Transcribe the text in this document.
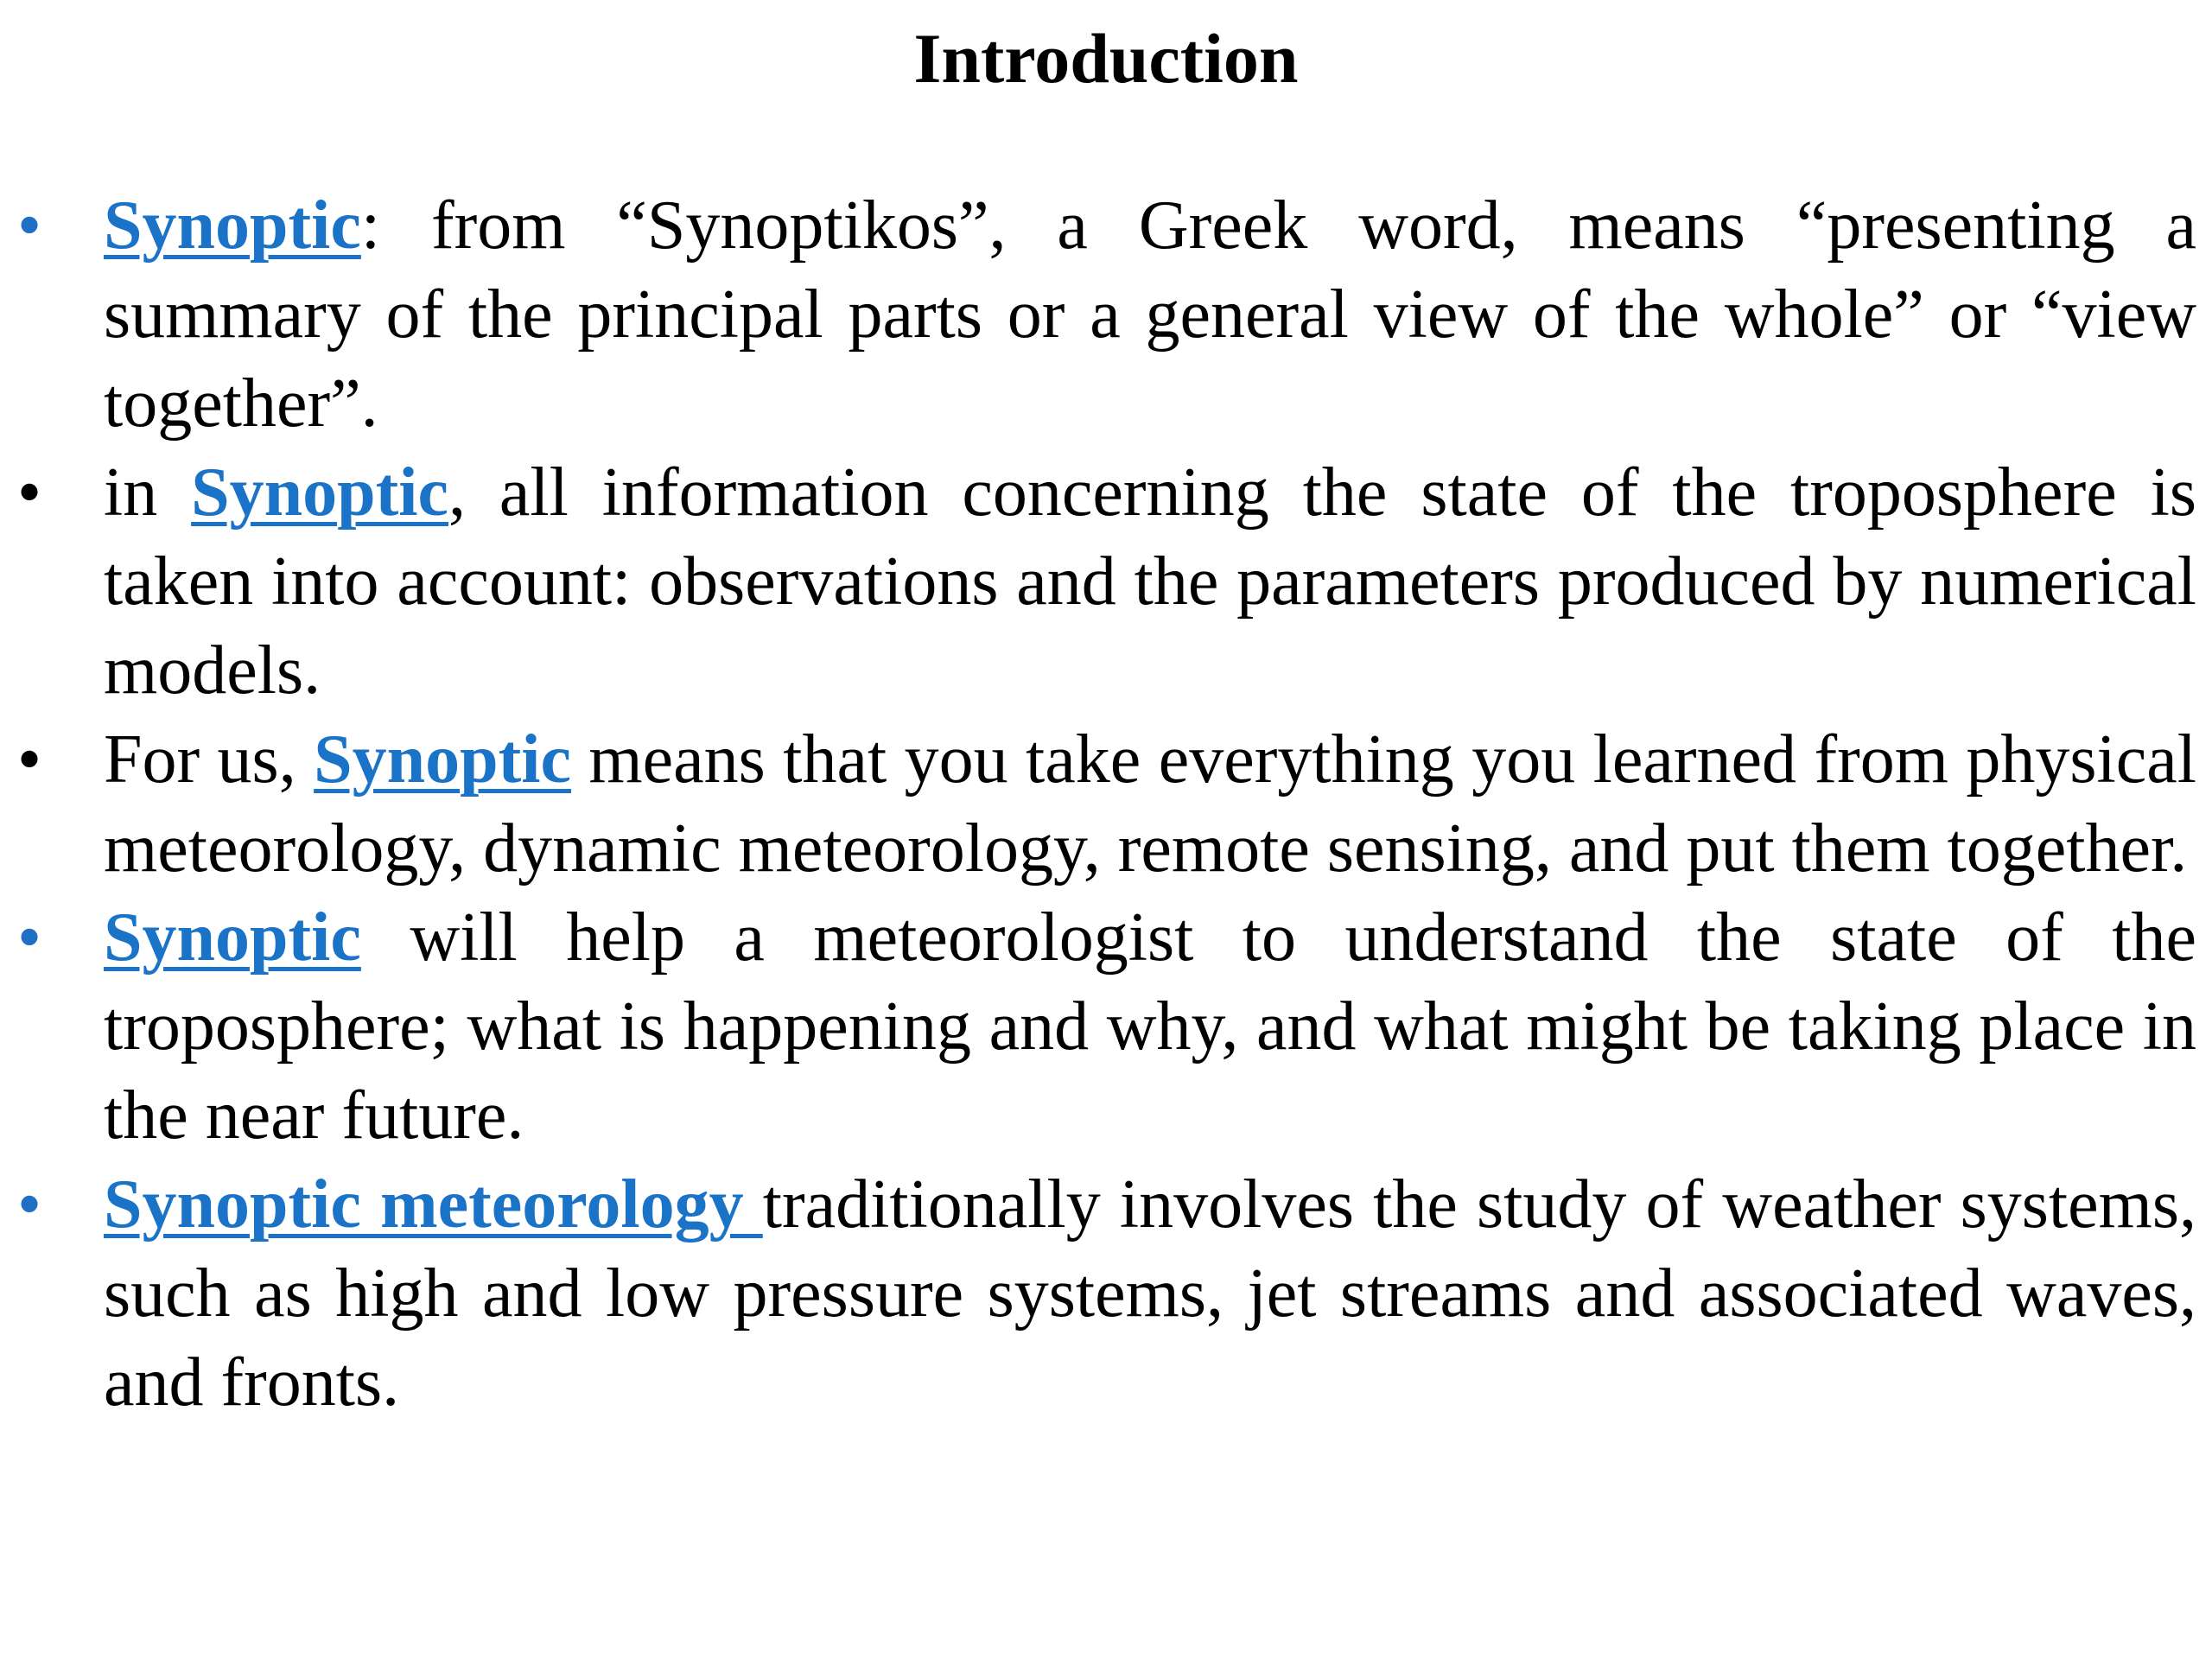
Introduction
• Synoptic: from “Synoptikos”, a Greek word, means “presenting a summary of the principal parts or a general view of the whole” or “view together”.
• in Synoptic, all information concerning the state of the troposphere is taken into account: observations and the parameters produced by numerical models.
• For us, Synoptic means that you take everything you learned from physical meteorology, dynamic meteorology, remote sensing, and put them together.
• Synoptic will help a meteorologist to understand the state of the troposphere; what is happening and why, and what might be taking place in the near future.
• Synoptic meteorology traditionally involves the study of weather systems, such as high and low pressure systems, jet streams and associated waves, and fronts.
